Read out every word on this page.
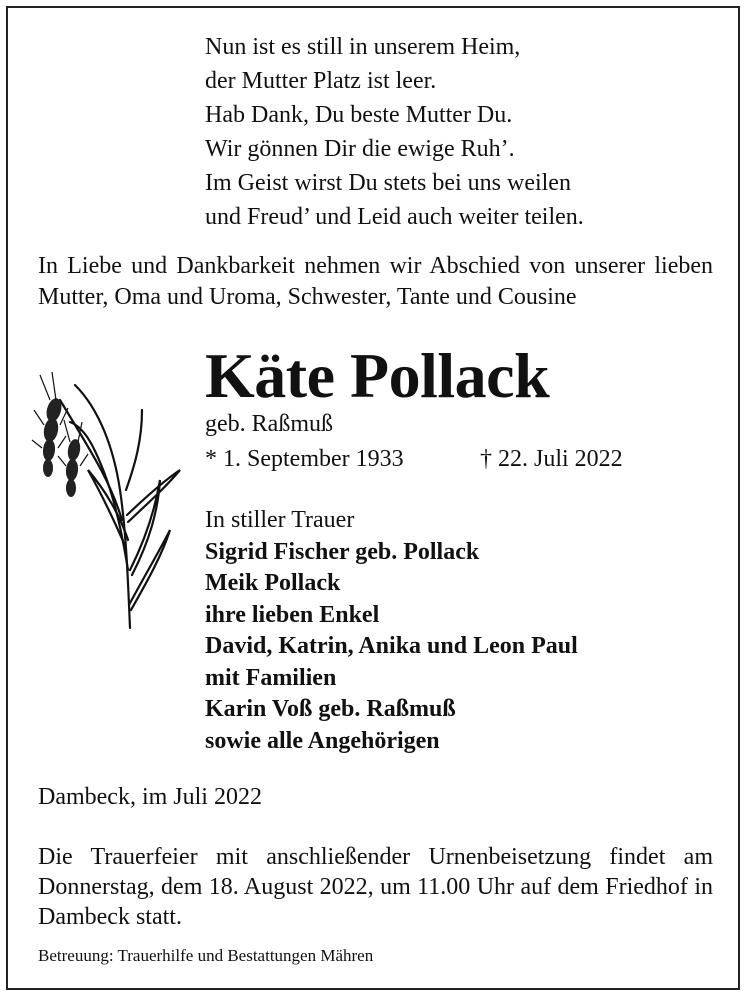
Nun ist es still in unserem Heim,
der Mutter Platz ist leer.
Hab Dank, Du beste Mutter Du.
Wir gönnen Dir die ewige Ruh’.
Im Geist wirst Du stets bei uns weilen
und Freud’ und Leid auch weiter teilen.
In Liebe und Dankbarkeit nehmen wir Abschied von unserer lieben Mutter, Oma und Uroma, Schwester, Tante und Cousine
Käte Pollack
geb. Raßmuß
* 1. September 1933	† 22. Juli 2022
In stiller Trauer
Sigrid Fischer geb. Pollack
Meik Pollack
ihre lieben Enkel
David, Katrin, Anika und Leon Paul
mit Familien
Karin Voß geb. Raßmuß
sowie alle Angehörigen
Dambeck, im Juli 2022
Die Trauerfeier mit anschließender Urnenbeisetzung findet am Donnerstag, dem 18. August 2022, um 11.00 Uhr auf dem Friedhof in Dambeck statt.
Betreuung: Trauerhilfe und Bestattungen Mähren
